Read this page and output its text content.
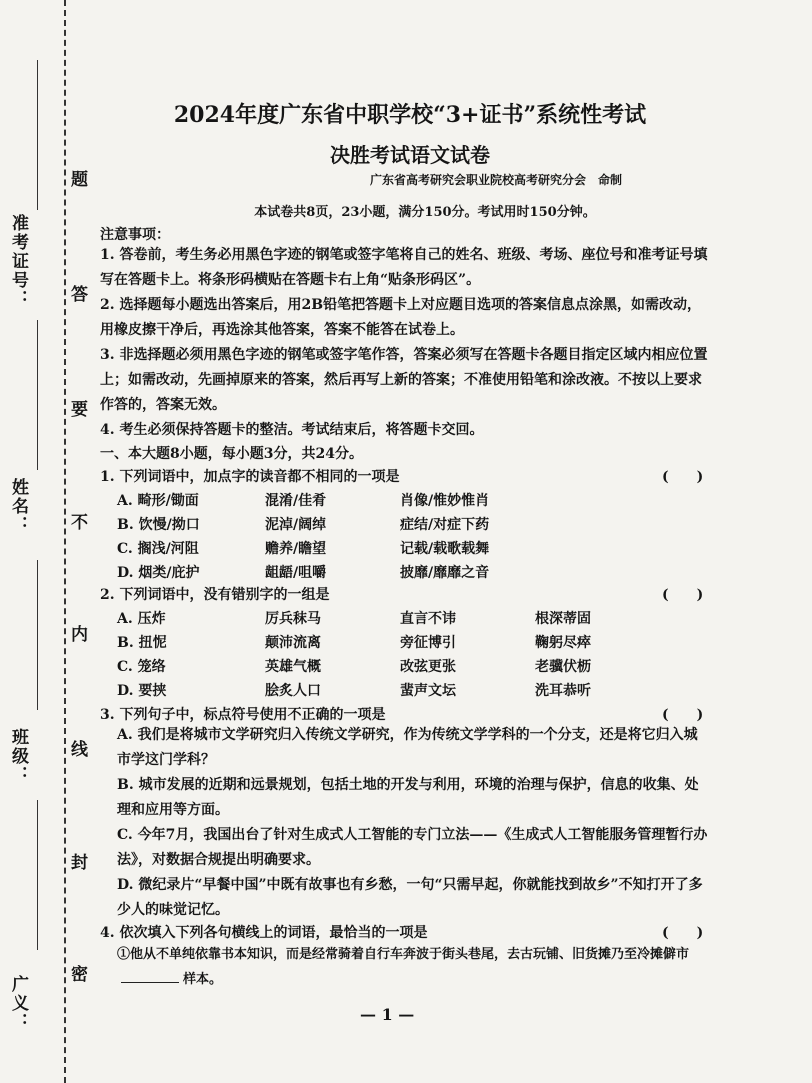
准考证号：
姓名：
班级：
广义：
题
答
要
不
内
线
封
密
2024年度广东省中职学校“3+证书”系统性考试
决胜考试语文试卷
广东省高考研究会职业院校高考研究分会　命制
本试卷共8页，23小题，满分150分。考试用时150分钟。
注意事项：
1. 答卷前，考生务必用黑色字迹的钢笔或签字笔将自己的姓名、班级、考场、座位号和准考证号填写在答题卡上。将条形码横贴在答题卡右上角“贴条形码区”。
2. 选择题每小题选出答案后，用2B铅笔把答题卡上对应题目选项的答案信息点涂黑，如需改动，用橡皮擦干净后，再选涂其他答案，答案不能答在试卷上。
3. 非选择题必须用黑色字迹的钢笔或签字笔作答，答案必须写在答题卡各题目指定区域内相应位置上；如需改动，先画掉原来的答案，然后再写上新的答案；不准使用铅笔和涂改液。不按以上要求作答的，答案无效。
4. 考生必须保持答题卡的整洁。考试结束后，将答题卡交回。
一、本大题8小题，每小题3分，共24分。
1. 下列词语中，加点字的读音都不相同的一项是	(　　)
A. 畸形/锄面	混淆/佳肴	肖像/惟妙惟肖
B. 饮慢/拗口	泥淖/阔绰	症结/对症下药
C. 搁浅/河阻	赡养/瞻望	记载/载歌载舞
D. 烟类/庇护	龃龉/咀嚼	披靡/靡靡之音
2. 下列词语中，没有错别字的一组是	(　　)
A. 压炸	厉兵秣马	直言不讳	根深蒂固
B. 扭怩	颠沛流离	旁征博引	鞠躬尽瘁
C. 笼络	英雄气概	改弦更张	老骥伏枥
D. 要挟	脍炙人口	蜚声文坛	洗耳恭听
3. 下列句子中，标点符号使用不正确的一项是	(　　)
A. 我们是将城市文学研究归入传统文学研究，作为传统文学学科的一个分支，还是将它归入城市学这门学科？
B. 城市发展的近期和远景规划，包括土地的开发与利用，环境的治理与保护，信息的收集、处理和应用等方面。
C. 今年7月，我国出台了针对生成式人工智能的专门立法——《生成式人工智能服务管理暂行办法》，对数据合规提出明确要求。
D. 微纪录片“早餐中国”中既有故事也有乡愁，一句“只需早起，你就能找到故乡”不知打开了多少人的味觉记忆。
4. 依次填入下列各句横线上的词语，最恰当的一项是	(　　)
①他从不单纯依靠书本知识，而是经常骑着自行车奔波于街头巷尾，去古玩铺、旧货摊乃至冷摊僻市样本。
— 1 —
